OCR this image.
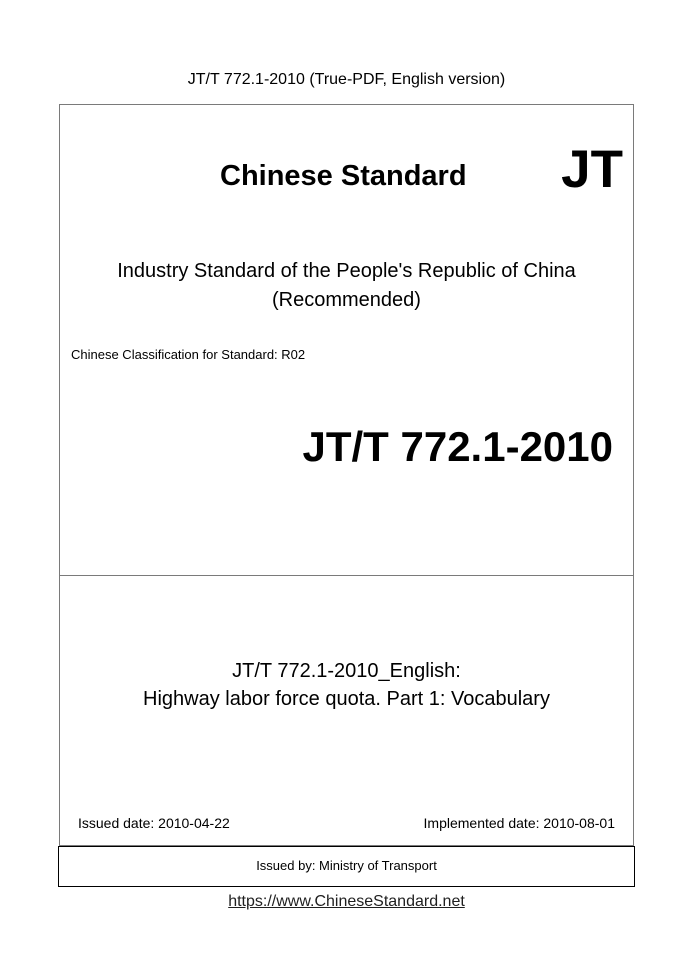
JT/T 772.1-2010 (True-PDF, English version)
Chinese Standard JT
Industry Standard of the People's Republic of China
(Recommended)
Chinese Classification for Standard: R02
JT/T 772.1-2010
JT/T 772.1-2010_English:
Highway labor force quota. Part 1: Vocabulary
Issued date: 2010-04-22	Implemented date: 2010-08-01
Issued by: Ministry of Transport
https://www.ChineseStandard.net
